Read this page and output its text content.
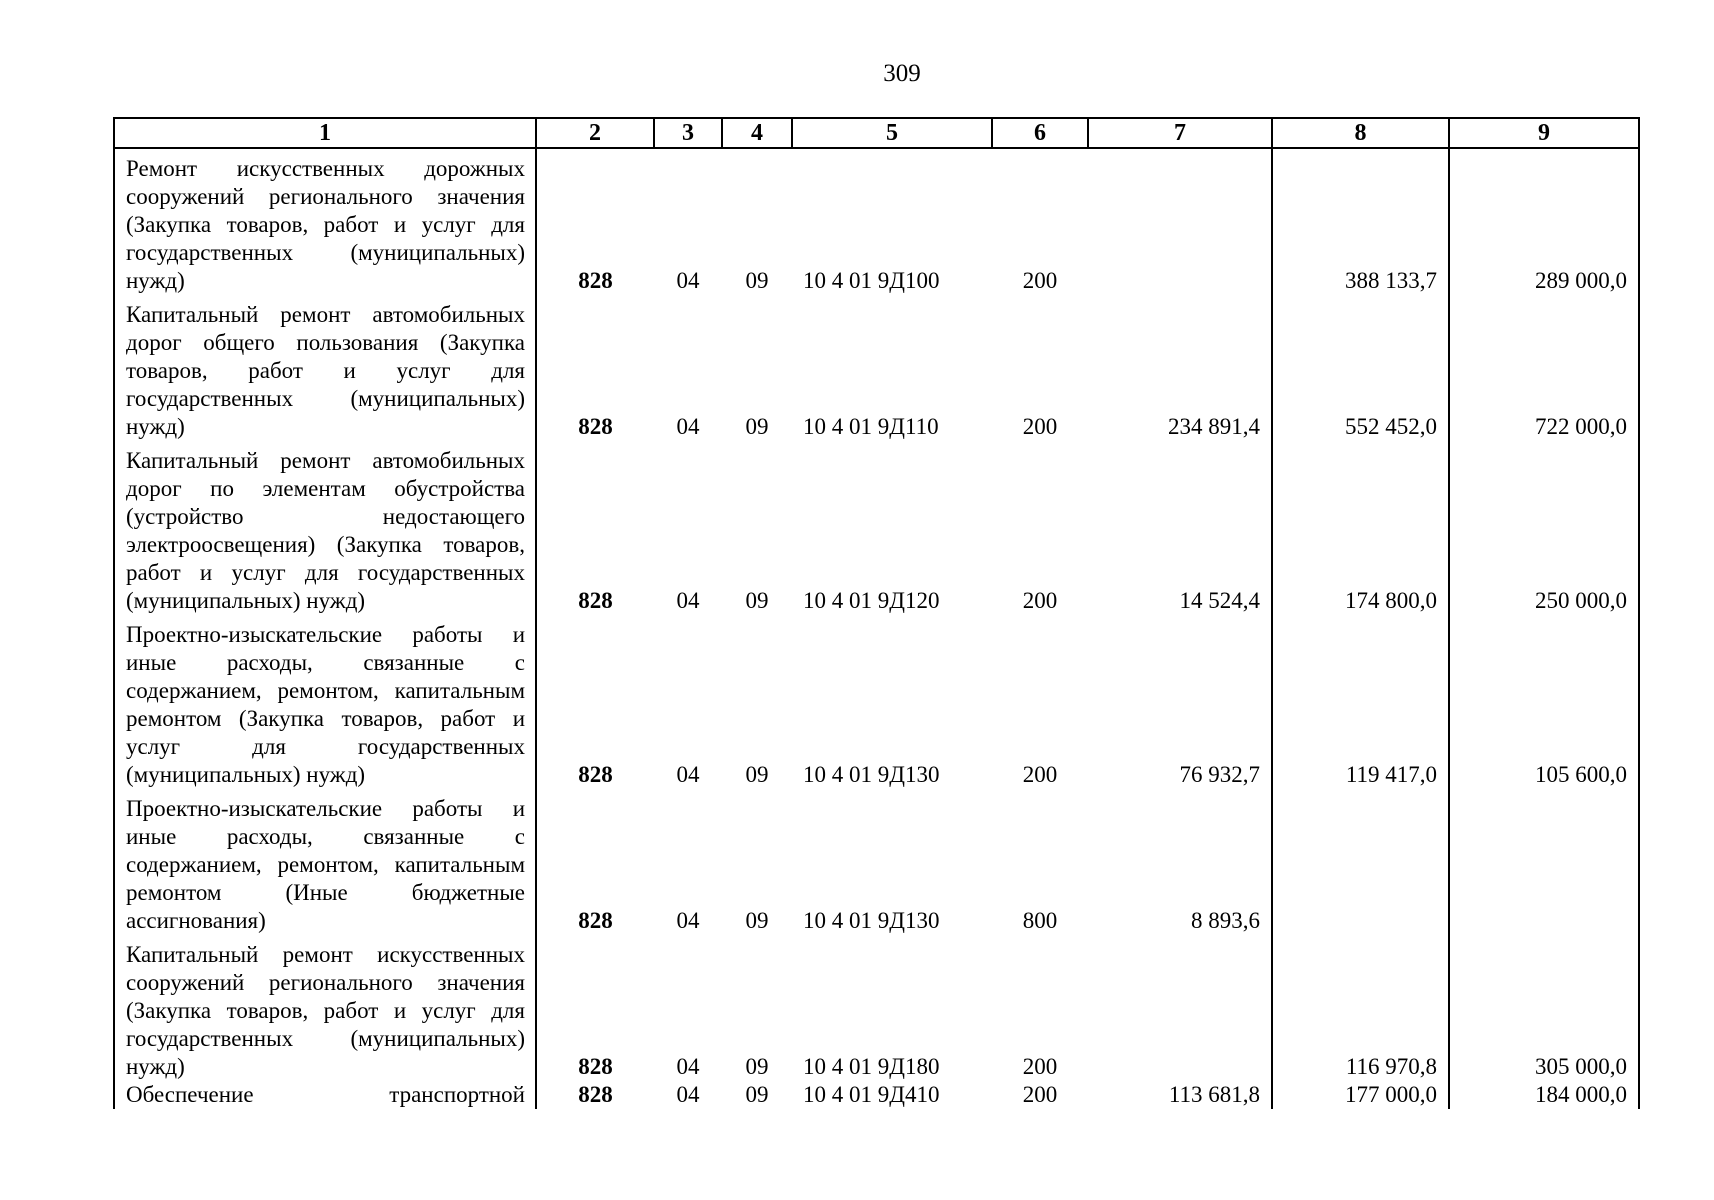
309
1	2	3	4	5	6	7	8	9

Ремонт искусственных дорожных сооружений регионального значения (Закупка товаров, работ и услуг для государственных (муниципальных) нужд)	828	04	09	10 4 01 9Д100	200		388 133,7	289 000,0

Капитальный ремонт автомобильных дорог общего пользования (Закупка товаров, работ и услуг для государственных (муниципальных) нужд)	828	04	09	10 4 01 9Д110	200	234 891,4	552 452,0	722 000,0

Капитальный ремонт автомобильных дорог по элементам обустройства (устройство недостающего электроосвещения) (Закупка товаров, работ и услуг для государственных (муниципальных) нужд)	828	04	09	10 4 01 9Д120	200	14 524,4	174 800,0	250 000,0

Проектно-изыскательские работы и иные расходы, связанные с содержанием, ремонтом, капитальным ремонтом (Закупка товаров, работ и услуг для государственных (муниципальных) нужд)	828	04	09	10 4 01 9Д130	200	76 932,7	119 417,0	105 600,0

Проектно-изыскательские работы и иные расходы, связанные с содержанием, ремонтом, капитальным ремонтом (Иные бюджетные ассигнования)	828	04	09	10 4 01 9Д130	800	8 893,6		

Капитальный ремонт искусственных сооружений регионального значения (Закупка товаров, работ и услуг для государственных (муниципальных) нужд)	828	04	09	10 4 01 9Д180	200		116 970,8	305 000,0

Обеспечение транспортной	828	04	09	10 4 01 9Д410	200	113 681,8	177 000,0	184 000,0
